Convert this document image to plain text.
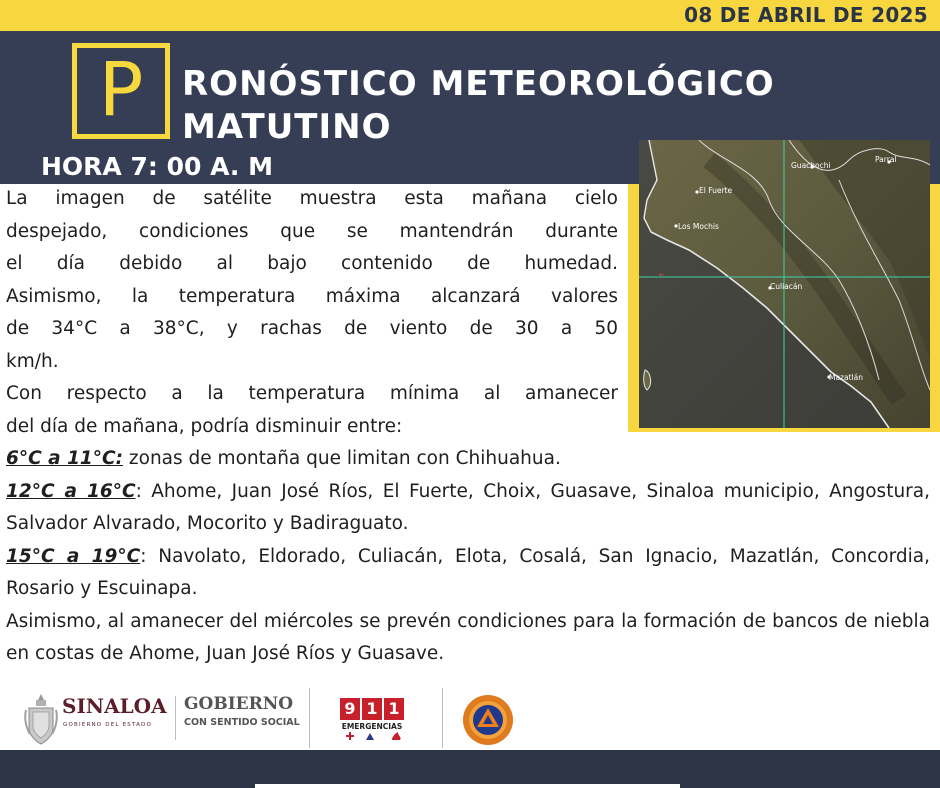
08 DE ABRIL DE 2025
P	RONÓSTICO METEOROLÓGICO
MATUTINO
HORA 7: 00 A. M	Guachochi
Parral
El Fuerte
Los Mochis
Culiacán
Mazatlán
←
La imagen de satélite muestra esta mañana cielo
despejado, condiciones que se mantendrán durante
el día debido al bajo contenido de humedad.
Asimismo, la temperatura máxima alcanzará valores
de 34°C a 38°C, y rachas de viento de 30 a 50
km/h.
Con respecto a la temperatura mínima al amanecer
del día de mañana, podría disminuir entre:
6°C a 11°C: zonas de montaña que limitan con Chihuahua.
12°C a 16°C: Ahome, Juan José Ríos, El Fuerte, Choix, Guasave, Sinaloa municipio, Angostura, Salvador Alvarado, Mocorito y Badiraguato.
15°C a 19°C: Navolato, Eldorado, Culiacán, Elota, Cosalá, San Ignacio, Mazatlán, Concordia, Rosario y Escuinapa.
Asimismo, al amanecer del miércoles se prevén condiciones para la formación de bancos de niebla en costas de Ahome, Juan José Ríos y Guasave.
SINALOA
GOBIERNO DEL ESTADO
GOBIERNO
CON SENTIDO SOCIAL
9 1 1
EMERGENCIAS
